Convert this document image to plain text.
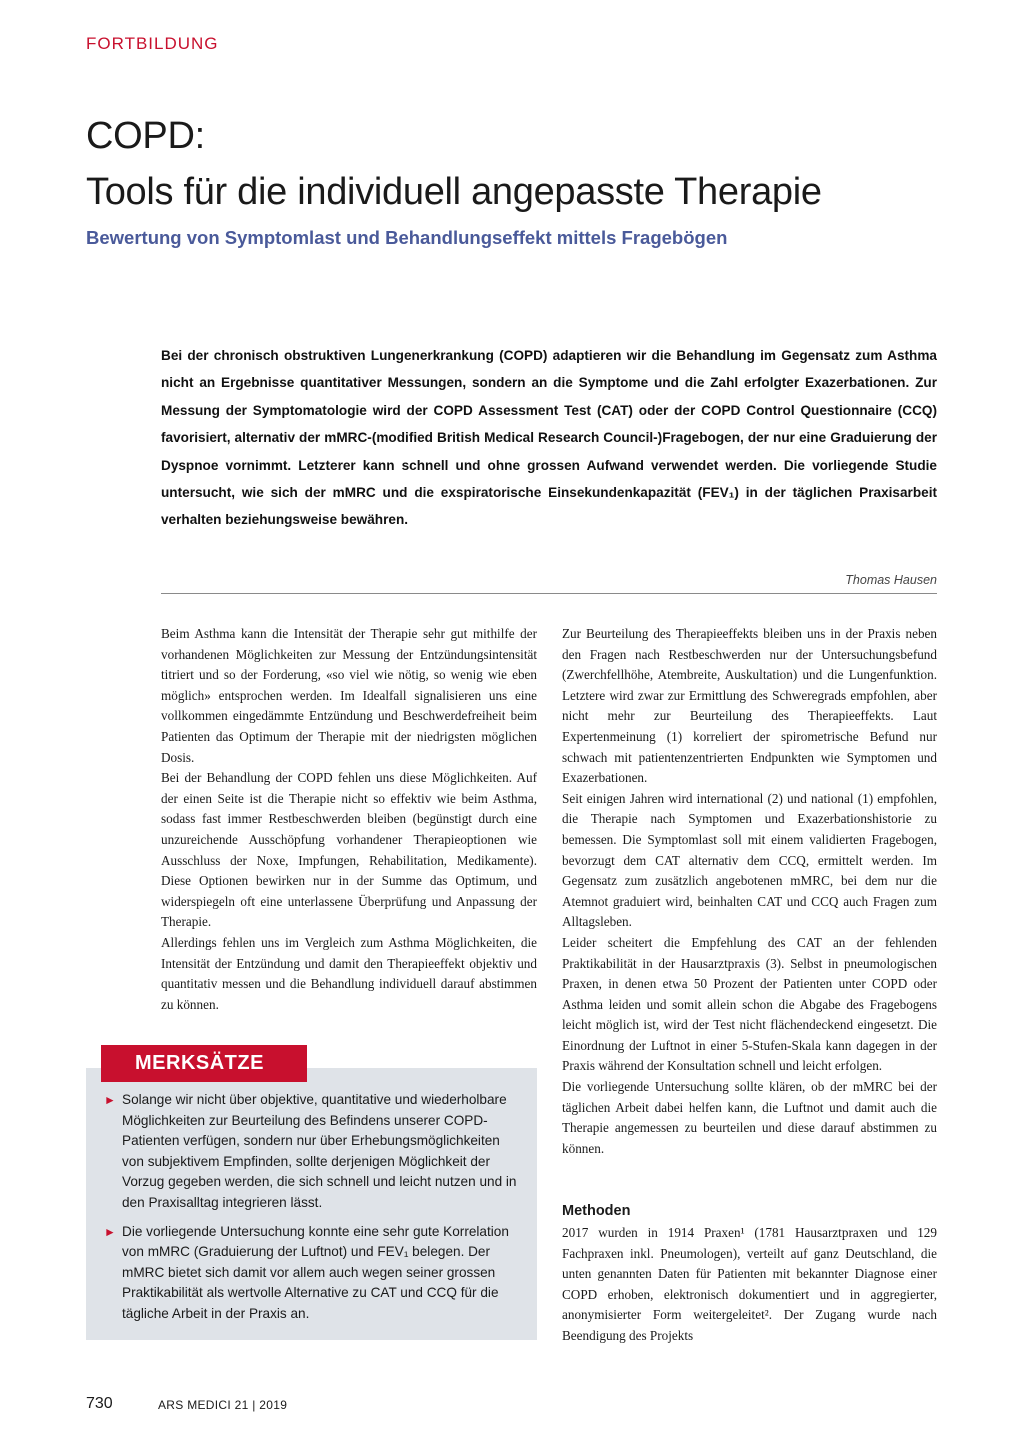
FORTBILDUNG
COPD:
Tools für die individuell angepasste Therapie
Bewertung von Symptomlast und Behandlungseffekt mittels Fragebögen
Bei der chronisch obstruktiven Lungenerkrankung (COPD) adaptieren wir die Behandlung im Gegensatz zum Asthma nicht an Ergebnisse quantitativer Messungen, sondern an die Symptome und die Zahl erfolgter Exazerbationen. Zur Messung der Symptomatologie wird der COPD Assessment Test (CAT) oder der COPD Control Questionnaire (CCQ) favorisiert, alternativ der mMRC-(modified British Medical Research Council-)Fragebogen, der nur eine Graduierung der Dyspnoe vornimmt. Letzterer kann schnell und ohne grossen Aufwand verwendet werden. Die vorliegende Studie untersucht, wie sich der mMRC und die exspiratorische Einsekundenkapazität (FEV₁) in der täglichen Praxisarbeit verhalten beziehungsweise bewähren.
Thomas Hausen

Beim Asthma kann die Intensität der Therapie sehr gut mithilfe der vorhandenen Möglichkeiten zur Messung der Entzündungsintensität titriert und so der Forderung, «so viel wie nötig, so wenig wie eben möglich» entsprochen werden. Im Idealfall signalisieren uns eine vollkommen eingedämmte Entzündung und Beschwerdefreiheit beim Patienten das Optimum der Therapie mit der niedrigsten möglichen Dosis.

Bei der Behandlung der COPD fehlen uns diese Möglichkeiten. Auf der einen Seite ist die Therapie nicht so effektiv wie beim Asthma, sodass fast immer Restbeschwerden bleiben (begünstigt durch eine unzureichende Ausschöpfung vorhandener Therapieoptionen wie Ausschluss der Noxe, Impfungen, Rehabilitation, Medikamente). Diese Optionen bewirken nur in der Summe das Optimum, und widerspiegeln oft eine unterlassene Überprüfung und Anpassung der Therapie.

Allerdings fehlen uns im Vergleich zum Asthma Möglichkeiten, die Intensität der Entzündung und damit den Therapieeffekt objektiv und quantitativ messen und die Behandlung individuell darauf abstimmen zu können.

Zur Beurteilung des Therapieeffekts bleiben uns in der Praxis neben den Fragen nach Restbeschwerden nur der Untersuchungsbefund (Zwerchfellhöhe, Atembreite, Auskultation) und die Lungenfunktion. Letztere wird zwar zur Ermittlung des Schweregrads empfohlen, aber nicht mehr zur Beurteilung des Therapieeffekts. Laut Expertenmeinung (1) korreliert der spirometrische Befund nur schwach mit patientenzentrierten Endpunkten wie Symptomen und Exazerbationen.

Seit einigen Jahren wird international (2) und national (1) empfohlen, die Therapie nach Symptomen und Exazerbationshistorie zu bemessen. Die Symptomlast soll mit einem validierten Fragebogen, bevorzugt dem CAT alternativ dem CCQ, ermittelt werden. Im Gegensatz zum zusätzlich angebotenen mMRC, bei dem nur die Atemnot graduiert wird, beinhalten CAT und CCQ auch Fragen zum Alltagsleben.

Leider scheitert die Empfehlung des CAT an der fehlenden Praktikabilität in der Hausarztpraxis (3). Selbst in pneumologischen Praxen, in denen etwa 50 Prozent der Patienten unter COPD oder Asthma leiden und somit allein schon die Abgabe des Fragebogens leicht möglich ist, wird der Test nicht flächendeckend eingesetzt. Die Einordnung der Luftnot in einer 5-Stufen-Skala kann dagegen in der Praxis während der Konsultation schnell und leicht erfolgen.

Die vorliegende Untersuchung sollte klären, ob der mMRC bei der täglichen Arbeit dabei helfen kann, die Luftnot und damit auch die Therapie angemessen zu beurteilen und diese darauf abstimmen zu können.

Methoden

2017 wurden in 1914 Praxen¹ (1781 Hausarztpraxen und 129 Fachpraxen inkl. Pneumologen), verteilt auf ganz Deutschland, die unten genannten Daten für Patienten mit bekannter Diagnose einer COPD erhoben, elektronisch dokumentiert und in aggregierter, anonymisierter Form weitergeleitet². Der Zugang wurde nach Beendigung des Projekts

MERKSÄTZE
► Solange wir nicht über objektive, quantitative und wiederholbare Möglichkeiten zur Beurteilung des Befindens unserer COPD-Patienten verfügen, sondern nur über Erhebungsmöglichkeiten von subjektivem Empfinden, sollte derjenigen Möglichkeit der Vorzug gegeben werden, die sich schnell und leicht nutzen und in den Praxisalltag integrieren lässt.
► Die vorliegende Untersuchung konnte eine sehr gute Korrelation von mMRC (Graduierung der Luftnot) und FEV₁ belegen. Der mMRC bietet sich damit vor allem auch wegen seiner grossen Praktikabilität als wertvolle Alternative zu CAT und CCQ für die tägliche Arbeit in der Praxis an.
730	ARS MEDICI 21 | 2019
